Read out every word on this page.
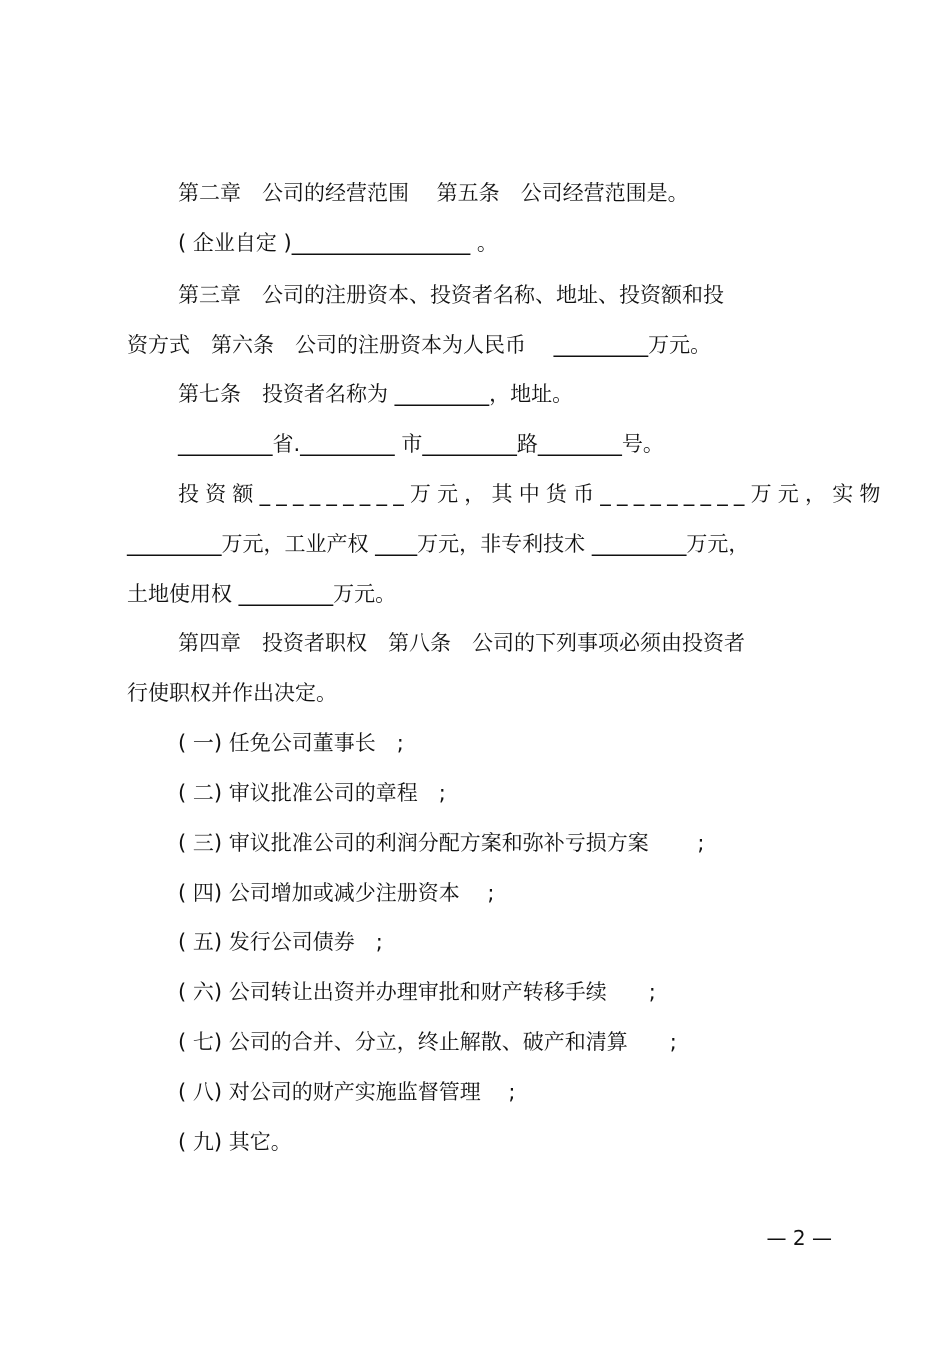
第二章　公司的经营范围　 第五条　公司经营范围是。
( 企业自定 )_________________ 。
第三章　公司的注册资本、投资者名称、地址、投资额和投
资方式　第六条　公司的注册资本为人民币　 _________万元。
第七条　投资者名称为 _________，地址。
_________省._________ 市_________路________号。
投资额_________万元，其中货币_________万元，实物
_________万元，工业产权 ____万元，非专利技术 _________万元，
土地使用权 _________万元。
第四章　投资者职权　第八条　公司的下列事项必须由投资者
行使职权并作出决定。
( 一) 任免公司董事长　;
( 二) 审议批准公司的章程　;
( 三) 审议批准公司的利润分配方案和弥补亏损方案　　 ;
( 四) 公司增加或减少注册资本　 ;
( 五) 发行公司债券　;
( 六) 公司转让出资并办理审批和财产转移手续　　;
( 七) 公司的合并、分立，终止解散、破产和清算　　;
( 八) 对公司的财产实施监督管理　 ;
( 九) 其它。
— 2 —
